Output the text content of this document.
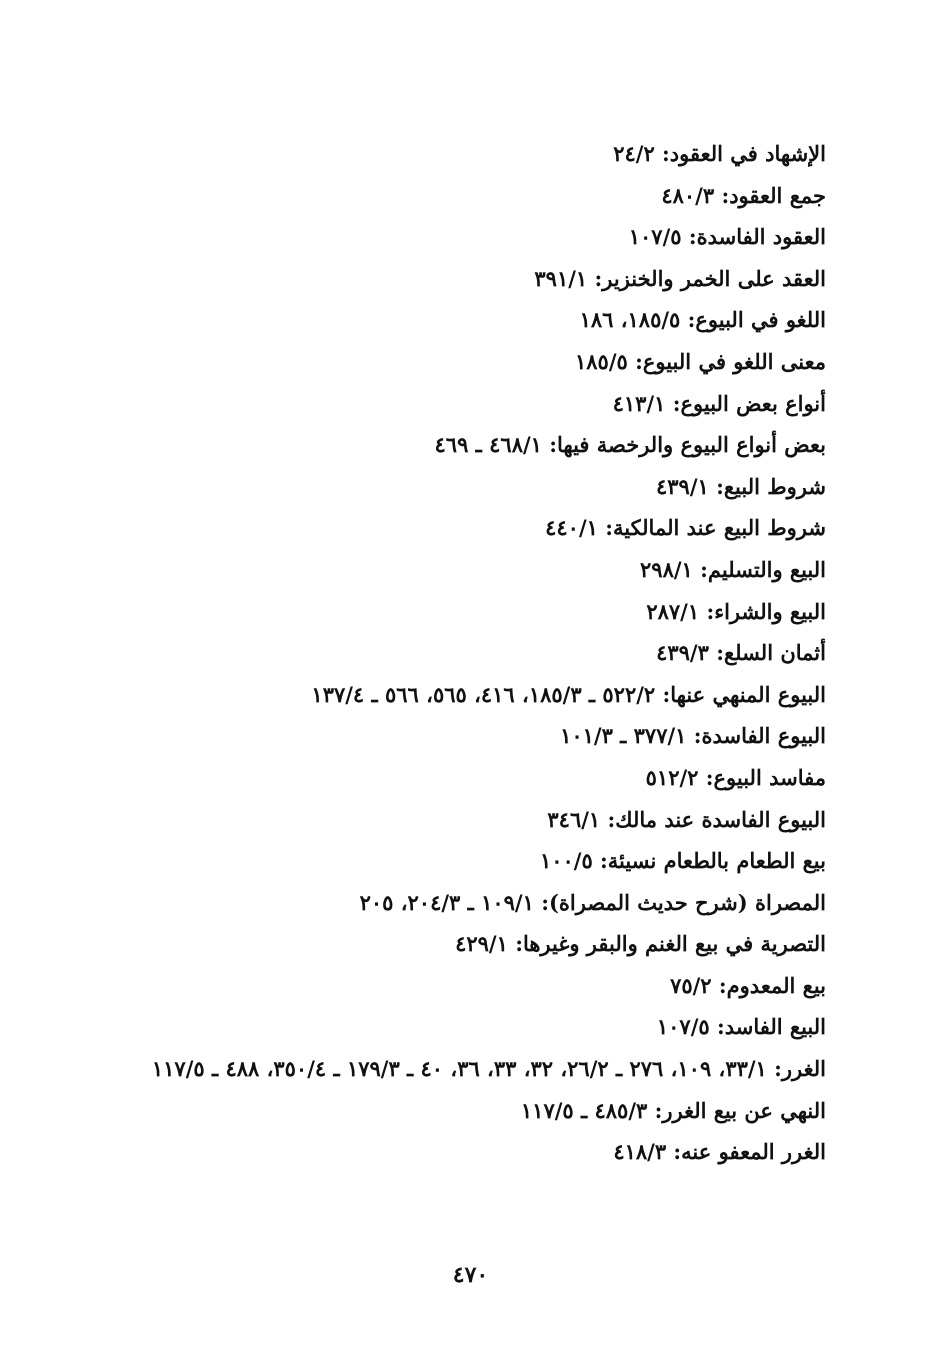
الإشهاد في العقود:٢٤/٢

جمع العقود:٤٨٠/٣

العقود الفاسدة:١٠٧/٥

العقد على الخمر والخنزير:٣٩١/١

اللغو في البيوع:١٨٥/٥، ١٨٦

معنى اللغو في البيوع:١٨٥/٥

أنواع بعض البيوع:٤١٣/١

بعض أنواع البيوع والرخصة فيها:٤٦٨/١ ـ ٤٦٩

شروط البيع:٤٣٩/١

شروط البيع عند المالكية:٤٤٠/١

البيع والتسليم:٢٩٨/١

البيع والشراء:٢٨٧/١

أثمان السلع:٤٣٩/٣

البيوع المنهي عنها:٥٢٢/٢ ـ ١٨٥/٣، ٤١٦، ٥٦٥، ٥٦٦ ـ ١٣٧/٤

البيوع الفاسدة:٣٧٧/١ ـ ١٠١/٣

مفاسد البيوع:٥١٢/٢

البيوع الفاسدة عند مالك:٣٤٦/١

بيع الطعام بالطعام نسيئة:١٠٠/٥

المصراة (شرح حديث المصراة):١٠٩/١ ـ ٢٠٤/٣، ٢٠٥

التصرية في بيع الغنم والبقر وغيرها:٤٢٩/١

بيع المعدوم:٧٥/٢

البيع الفاسد:١٠٧/٥

الغرر:٣٣/١، ١٠٩، ٢٧٦ ـ ٢٦/٢، ٣٢، ٣٣، ٣٦، ٤٠ ـ ١٧٩/٣ ـ ٣٥٠/٤، ٤٨٨ ـ ١١٧/٥

النهي عن بيع الغرر:٤٨٥/٣ ـ ١١٧/٥

الغرر المعفو عنه:٤١٨/٣

٤٧٠
